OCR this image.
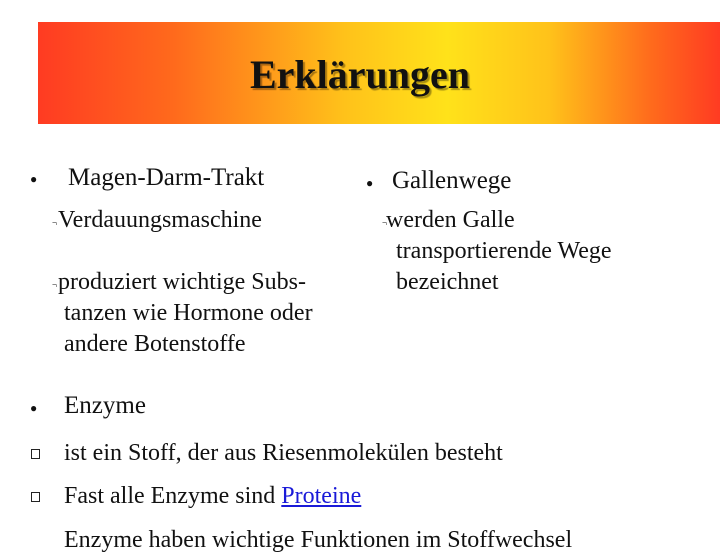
Erklärungen
● Magen-Darm-Trakt
¬ Verdauungsmaschine
¬ produziert wichtige Subs-
tanzen wie Hormone oder
andere Botenstoffe
● Gallenwege
¬
werden Galle
transportierende Wege
bezeichnet
● Enzyme
ist ein Stoff, der aus Riesenmolekülen besteht
Fast alle Enzyme sind Proteine
Enzyme haben wichtige Funktionen im Stoffwechsel
